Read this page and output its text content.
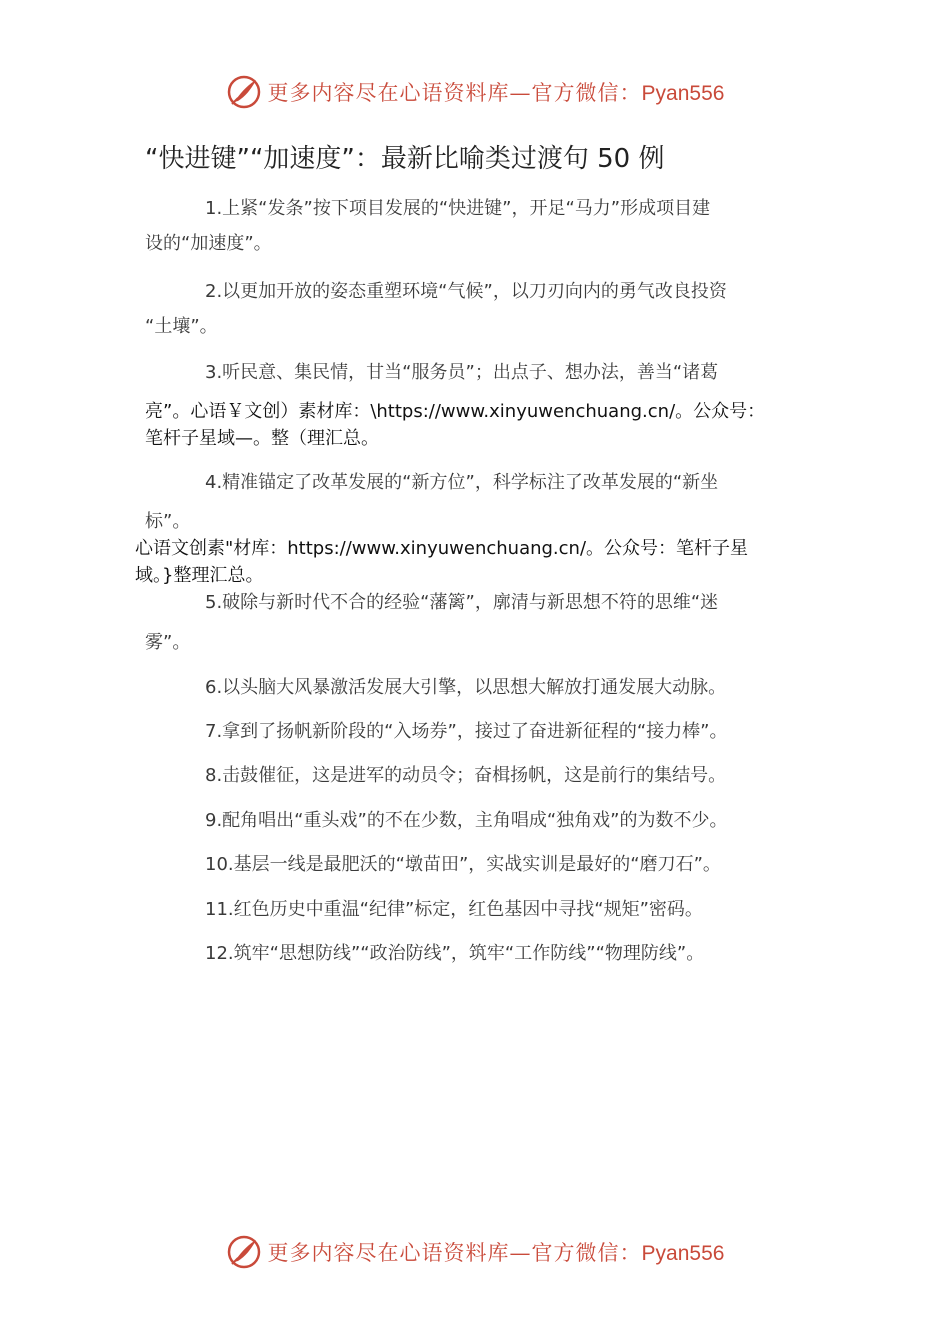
更多内容尽在心语资料库—官方微信：Pyan556
“快进键”“加速度”：最新比喻类过渡句 50 例
1.上紧“发条”按下项目发展的“快进键”，开足“马力”形成项目建
设的“加速度”。
2.以更加开放的姿态重塑环境“气候”，以刀刃向内的勇气改良投资
“土壤”。
3.听民意、集民情，甘当“服务员”；出点子、想办法，善当“诸葛
亮”。心语￥文创）素材库：\https://www.xinyuwenchuang.cn/。公众号：
笔杆子星域—。整（理汇总。
4.精准锚定了改革发展的“新方位”，科学标注了改革发展的“新坐
标”。
心语文创素"材库：https://www.xinyuwenchuang.cn/。公众号：笔杆子星
域。}整理汇总。
5.破除与新时代不合的经验“藩篱”，廓清与新思想不符的思维“迷
雾”。
6.以头脑大风暴激活发展大引擎，以思想大解放打通发展大动脉。
7.拿到了扬帆新阶段的“入场券”，接过了奋进新征程的“接力棒”。
8.击鼓催征，这是进军的动员令；奋楫扬帆，这是前行的集结号。
9.配角唱出“重头戏”的不在少数，主角唱成“独角戏”的为数不少。
10.基层一线是最肥沃的“墩苗田”，实战实训是最好的“磨刀石”。
11.红色历史中重温“纪律”标定，红色基因中寻找“规矩”密码。
12.筑牢“思想防线”“政治防线”，筑牢“工作防线”“物理防线”。
更多内容尽在心语资料库—官方微信：Pyan556
